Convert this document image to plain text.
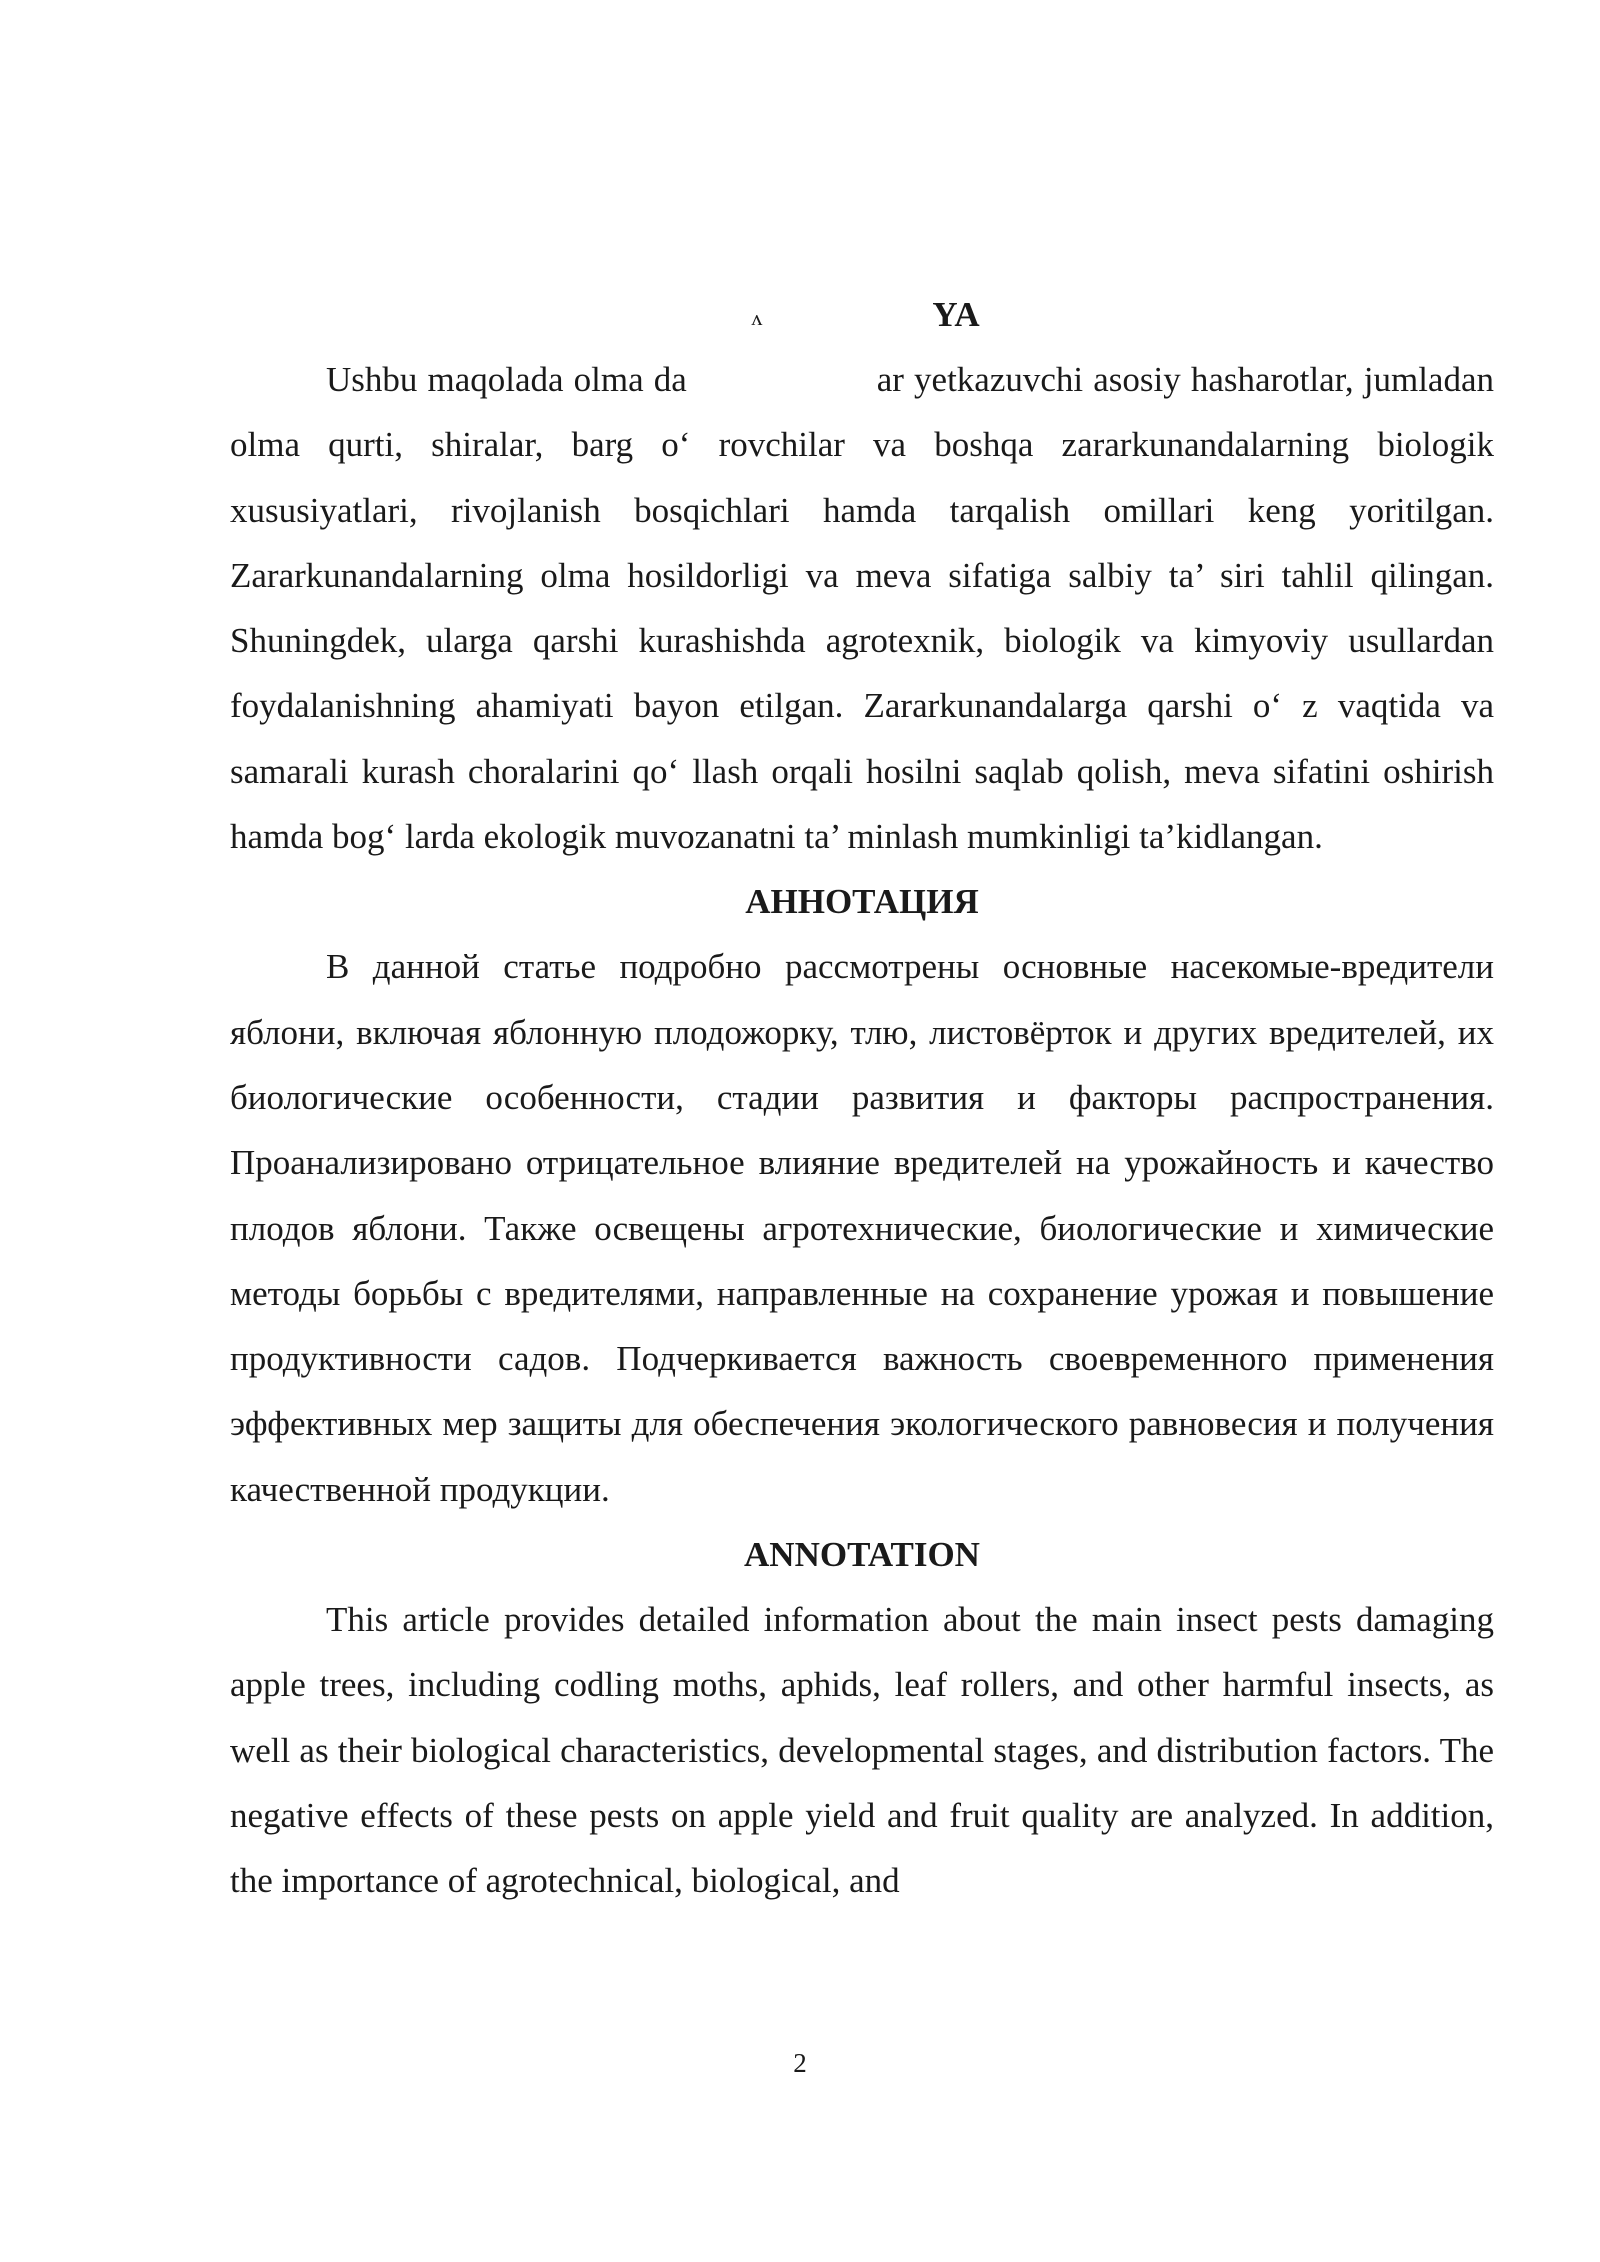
ʌ	YA

Ushbu maqolada olma dа	ar yetkazuvchi asosiy hasharotlar, jumladan olma qurti, shiralar, barg o‘ rovchilar va boshqa zararkunandalarning biologik xususiyatlari, rivojlanish bosqichlari hamda tarqalish omillari keng yoritilgan. Zararkunandalarning olma hosildorligi va meva sifatiga salbiy ta’ siri tahlil qilingan. Shuningdek, ularga qarshi kurashishda agrotexnik, biologik va kimyoviy usullardan foydalanishning ahamiyati bayon etilgan. Zararkunandalarga qarshi o‘ z vaqtida va samarali kurash choralarini qo‘ llash orqali hosilni saqlab qolish, meva sifatini oshirish hamda bog‘ larda ekologik muvozanatni ta’ minlash mumkinligi ta’kidlangan.

АННОТАЦИЯ

В данной статье подробно рассмотрены основные насекомые-вредители яблони, включая яблонную плодожорку, тлю, листовёрток и других вредителей, их биологические особенности, стадии развития и факторы распространения. Проанализировано отрицательное влияние вредителей на урожайность и качество плодов яблони. Также освещены агротехнические, биологические и химические методы борьбы с вредителями, направленные на сохранение урожая и повышение продуктивности садов. Подчеркивается важность своевременного применения эффективных мер защиты для обеспечения экологического равновесия и получения качественной продукции.

ANNOTATION

This article provides detailed information about the main insect pests damaging apple trees, including codling moths, aphids, leaf rollers, and other harmful insects, as well as their biological characteristics, developmental stages, and distribution factors. The negative effects of these pests on apple yield and fruit quality are analyzed. In addition, the importance of agrotechnical, biological, and

2
